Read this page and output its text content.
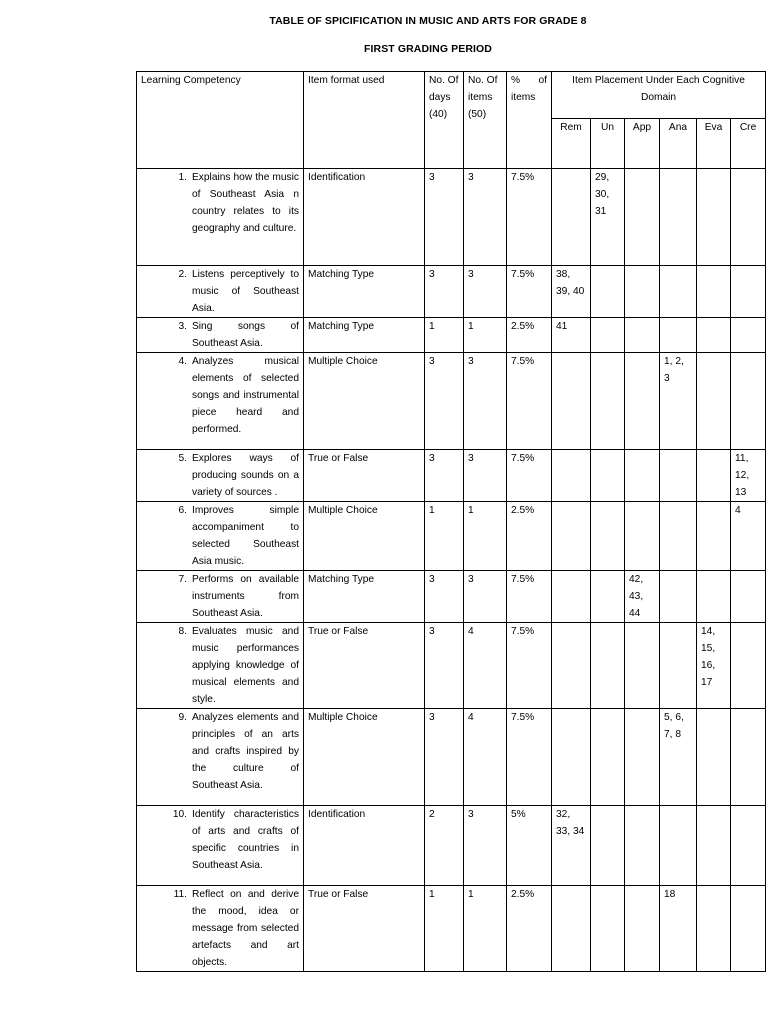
TABLE OF SPICIFICATION IN MUSIC AND ARTS FOR GRADE 8
FIRST GRADING PERIOD
Learning Competency	Item format used	No. Of days (40)	No. Of items (50)	% of items	Item Placement Under Each Cognitive Domain					
					Rem	Un	App	Ana	Eva	Cre

1. Explains how the music of Southeast Asia n country relates to its geography and culture.	Identification	3	3	7.5%		29, 30, 31				

2. Listens perceptively to music of Southeast Asia.	Matching Type	3	3	7.5%	38, 39, 40					

3. Sing songs of Southeast Asia.	Matching Type	1	1	2.5%	41					

4. Analyzes musical elements of selected songs and instrumental piece heard and performed.	Multiple Choice	3	3	7.5%				1, 2, 3		

5. Explores ways of producing sounds on a variety of sources .	True or False	3	3	7.5%						11, 12, 13

6. Improves simple accompaniment to selected Southeast Asia music.	Multiple Choice	1	1	2.5%						4

7. Performs on available instruments from Southeast Asia.	Matching Type	3	3	7.5%			42, 43, 44			

8. Evaluates music and music performances applying knowledge of musical elements and style.	True or False	3	4	7.5%					14, 15, 16, 17	

9. Analyzes elements and principles of an arts and crafts inspired by the culture of Southeast Asia.	Multiple Choice	3	4	7.5%				5, 6, 7, 8		

10. Identify characteristics of arts and crafts of specific countries in Southeast Asia.	Identification	2	3	5%	32, 33, 34					

11. Reflect on and derive the mood, idea or message from selected artefacts and art objects.	True or False	1	1	2.5%				18		
